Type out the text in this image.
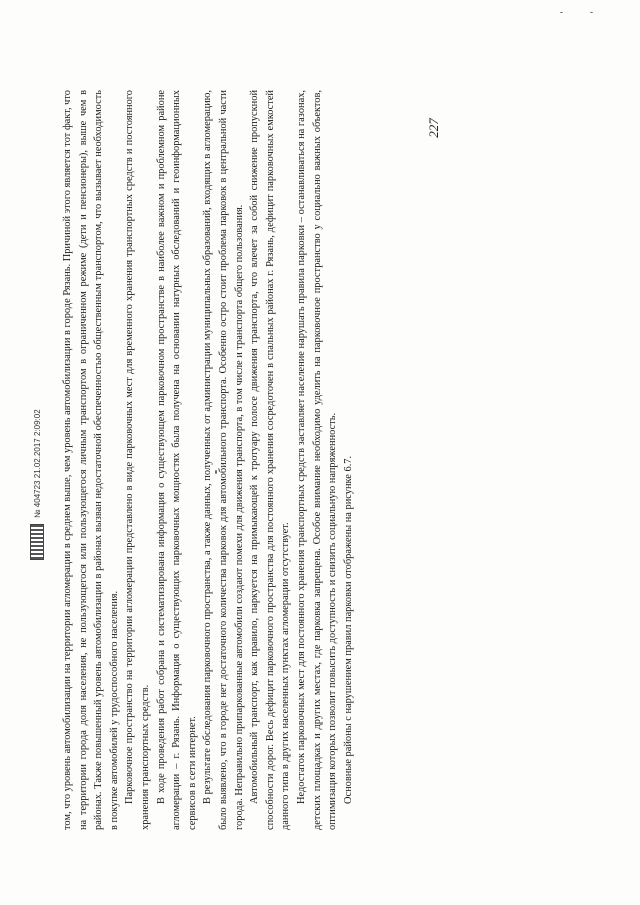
том, что уровень автомобилизации на территории агломерации в среднем выше, чем уровень автомобилизации в городе Рязань. Причиной этого является тот факт, что на территории города доля населения, не пользующегося или пользующегося личным транспортом в ограниченном режиме (дети и пенсионеры), выше чем в районах. Также повышенный уровень автомобилизации в районах вызван недостаточной обеспеченностью общественным транспортом, что вызывает необходимость в покупке автомобилей у трудоспособного населения. Парковочное пространство на территории агломерации представлено в виде парковочных мест для временного хранения транспортных средств и постоянного хранения транспортных средств. В ходе проведения работ собрана и систематизирована информация о существующем парковочном пространстве в наиболее важном и проблемном районе агломерации – г. Рязань. Информация о существующих парковочных мощностях была получена на основании натурных обследований и геоинформационных сервисов в сети интернет. В результате обследования парковочного пространства, а также данных, полученных от администрации муниципальных образований, входящих в агломерацию, было выявлено, что в городе нет достаточного количества парковок для автомобильного транспорта. Особенно остро стоит проблема парковок в центральной части города. Неправильно припаркованные автомобили создают помехи для движения транспорта, в том числе и транспорта общего пользования. Автомобильный транспорт, как правило, паркуется на примыкающей к тротуару полосе движения транспорта, что влечет за собой снижение пропускной способности дорог. Весь дефицит парковочного пространства для постоянного хранения сосредоточен в спальных районах г. Рязань, дефицит парковочных емкостей данного типа в других населенных пунктах агломерации отсутствует. Недостаток парковочных мест для постоянного хранения транспортных средств заставляет население нарушать правила парковки – останавливаться на газонах, детских площадках и других местах, где парковка запрещена. Особое внимание необходимо уделить на парковочное пространство у социально важных объектов, оптимизация которых позволит повысить доступность и снизить социальную напряженность. Основные районы с нарушением правил парковки отображены на рисунке 6.7.

227
№ 404723 21.02.2017 2:09:02
